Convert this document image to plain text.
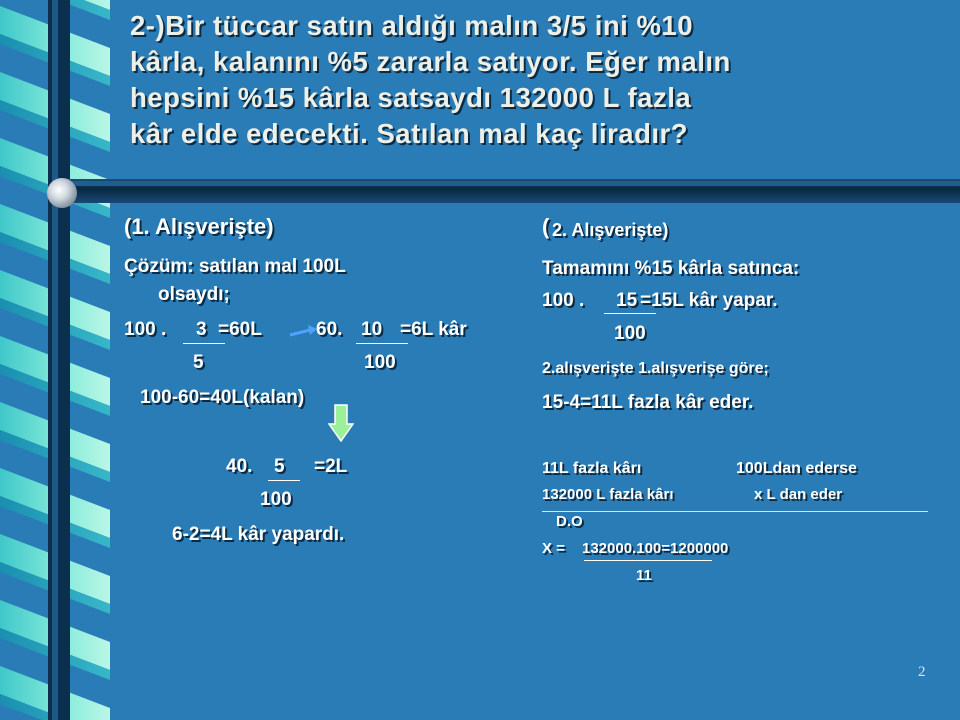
2-)Bir tüccar satın aldığı malın 3/5 ini %10
kârla, kalanını %5 zararla satıyor. Eğer malın
hepsini %15 kârla satsaydı 132000 L fazla
kâr elde edecekti. Satılan mal kaç liradır?
(1. Alışverişte)
Çözüm: satılan mal 100L
olsaydı;
100 . 3 =60L
5
60. 10 =6L kâr
100
100-60=40L(kalan)
40. 5 =2L
100
6-2=4L kâr yapardı.
( 2. Alışverişte)
Tamamını %15 kârla satınca:
100 . 15 =15L kâr yapar.
100
2.alışverişte 1.alışverişe göre;
15-4=11L fazla kâr eder.
11L fazla kârı	100Ldan ederse
132000 L fazla kârı	x L dan eder
D.O
X = 132000.100=1200000
11
2
